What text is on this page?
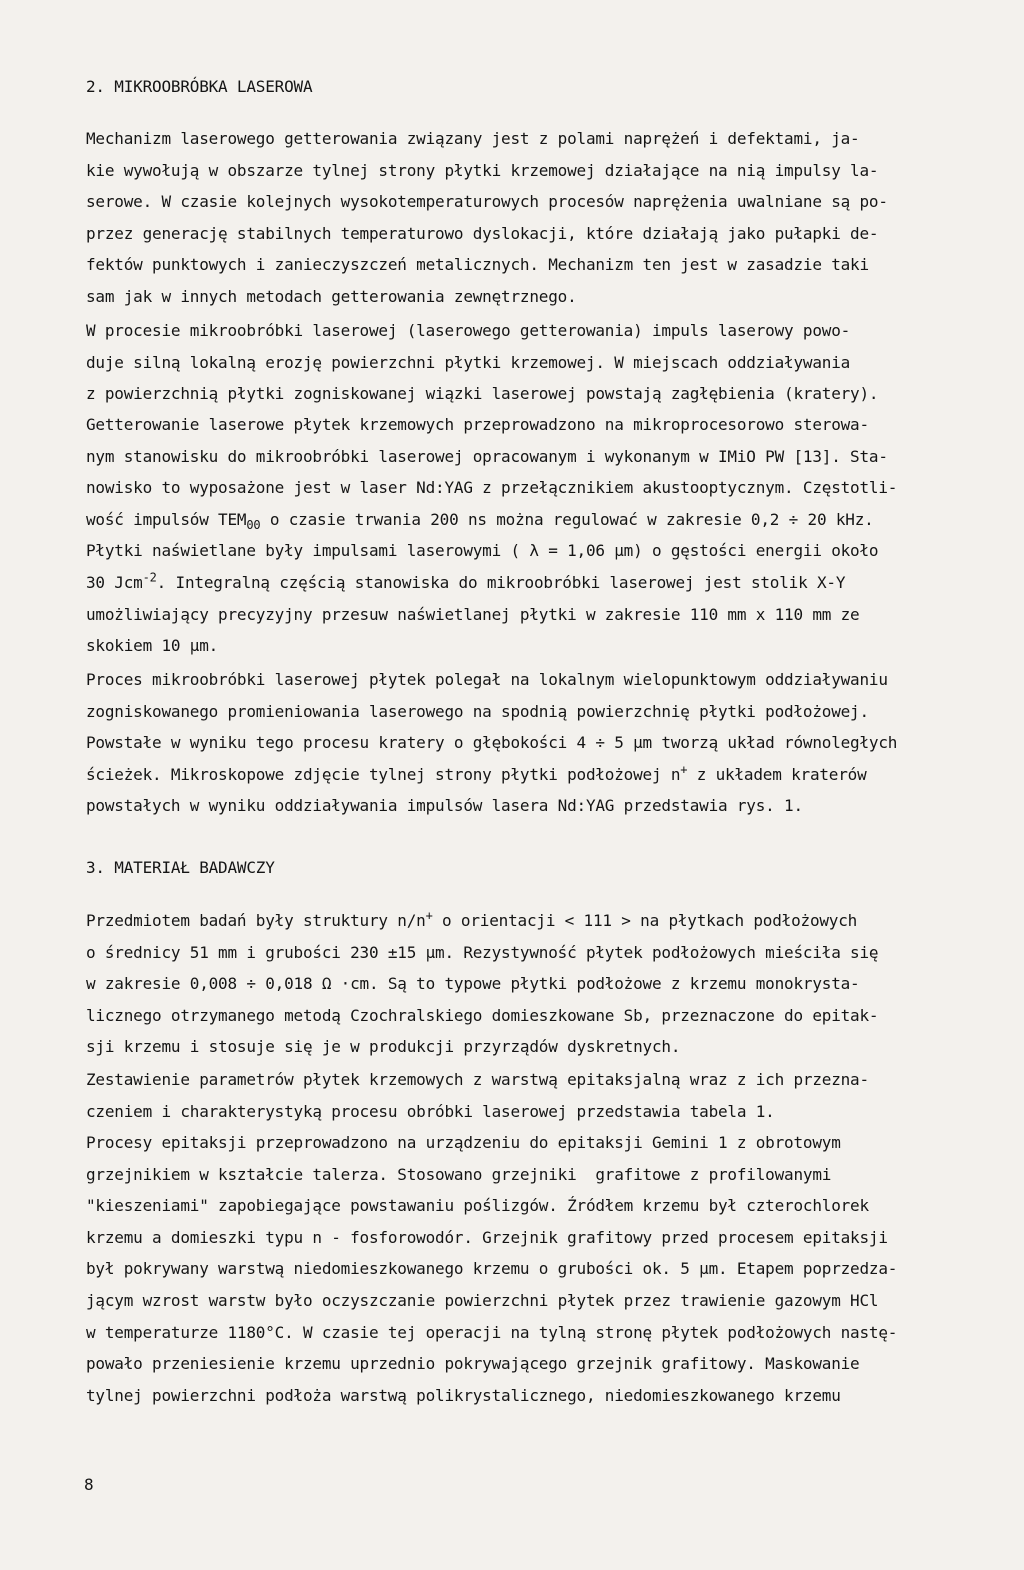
2. MIKROOBRÓBKA LASEROWA
Mechanizm laserowego getterowania związany jest z polami naprężeń i defektami, ja-
kie wywołują w obszarze tylnej strony płytki krzemowej działające na nią impulsy la-
serowe. W czasie kolejnych wysokotemperaturowych procesów naprężenia uwalniane są po-
przez generację stabilnych temperaturowo dyslokacji, które działają jako pułapki de-
fektów punktowych i zanieczyszczeń metalicznych. Mechanizm ten jest w zasadzie taki
sam jak w innych metodach getterowania zewnętrznego.
W procesie mikroobróbki laserowej (laserowego getterowania) impuls laserowy powo-
duje silną lokalną erozję powierzchni płytki krzemowej. W miejscach oddziaływania
z powierzchnią płytki zogniskowanej wiązki laserowej powstają zagłębienia (kratery).
Getterowanie laserowe płytek krzemowych przeprowadzono na mikroprocesorowo sterowa-
nym stanowisku do mikroobróbki laserowej opracowanym i wykonanym w IMiO PW [13]. Sta-
nowisko to wyposażone jest w laser Nd:YAG z przełącznikiem akustooptycznym. Częstotli-
wość impulsów $TEM_{00}$ o czasie trwania 200 ns można regulować w zakresie 0,2 ÷ 20 kHz.
Płytki naświetlane były impulsami laserowymi ( λ = 1,06 µm) o gęstości energii około
30 Jcm$^{-2}$. Integralną częścią stanowiska do mikroobróbki laserowej jest stolik X-Y
umożliwiający precyzyjny przesuw naświetlanej płytki w zakresie 110 mm x 110 mm ze
skokiem 10 µm.
Proces mikroobróbki laserowej płytek polegał na lokalnym wielopunktowym oddziaływaniu
zogniskowanego promieniowania laserowego na spodnią powierzchnię płytki podłożowej.
Powstałe w wyniku tego procesu kratery o głębokości 4 ÷ 5 µm tworzą układ równoległych
ścieżek. Mikroskopowe zdjęcie tylnej strony płytki podłożowej n+ z układem kraterów
powstałych w wyniku oddziaływania impulsów lasera Nd:YAG przedstawia rys. 1.
3. MATERIAŁ BADAWCZY
Przedmiotem badań były struktury n/n+ o orientacji < 111 > na płytkach podłożowych
o średnicy 51 mm i grubości 230 ±15 µm. Rezystywność płytek podłożowych mieściła się
w zakresie 0,008 ÷ 0,018 Ω ·cm. Są to typowe płytki podłożowe z krzemu monokrysta-
licznego otrzymanego metodą Czochralskiego domieszkowane Sb, przeznaczone do epitak-
sji krzemu i stosuje się je w produkcji przyrządów dyskretnych.
Zestawienie parametrów płytek krzemowych z warstwą epitaksjalną wraz z ich przezna-
czeniem i charakterystyką procesu obróbki laserowej przedstawia tabela 1.
Procesy epitaksji przeprowadzono na urządzeniu do epitaksji Gemini 1 z obrotowym
grzejnikiem w kształcie talerza. Stosowano grzejniki  grafitowe z profilowanymi
"kieszeniami" zapobiegające powstawaniu poślizgów. Źródłem krzemu był czterochlorek
krzemu a domieszki typu n - fosforowodór. Grzejnik grafitowy przed procesem epitaksji
był pokrywany warstwą niedomieszkowanego krzemu o grubości ok. 5 µm. Etapem poprzedza-
jącym wzrost warstw było oczyszczanie powierzchni płytek przez trawienie gazowym HCl
w temperaturze 1180°C. W czasie tej operacji na tylną stronę płytek podłożowych nastę-
powało przeniesienie krzemu uprzednio pokrywającego grzejnik grafitowy. Maskowanie
tylnej powierzchni podłoża warstwą polikrystalicznego, niedomieszkowanego krzemu

8
